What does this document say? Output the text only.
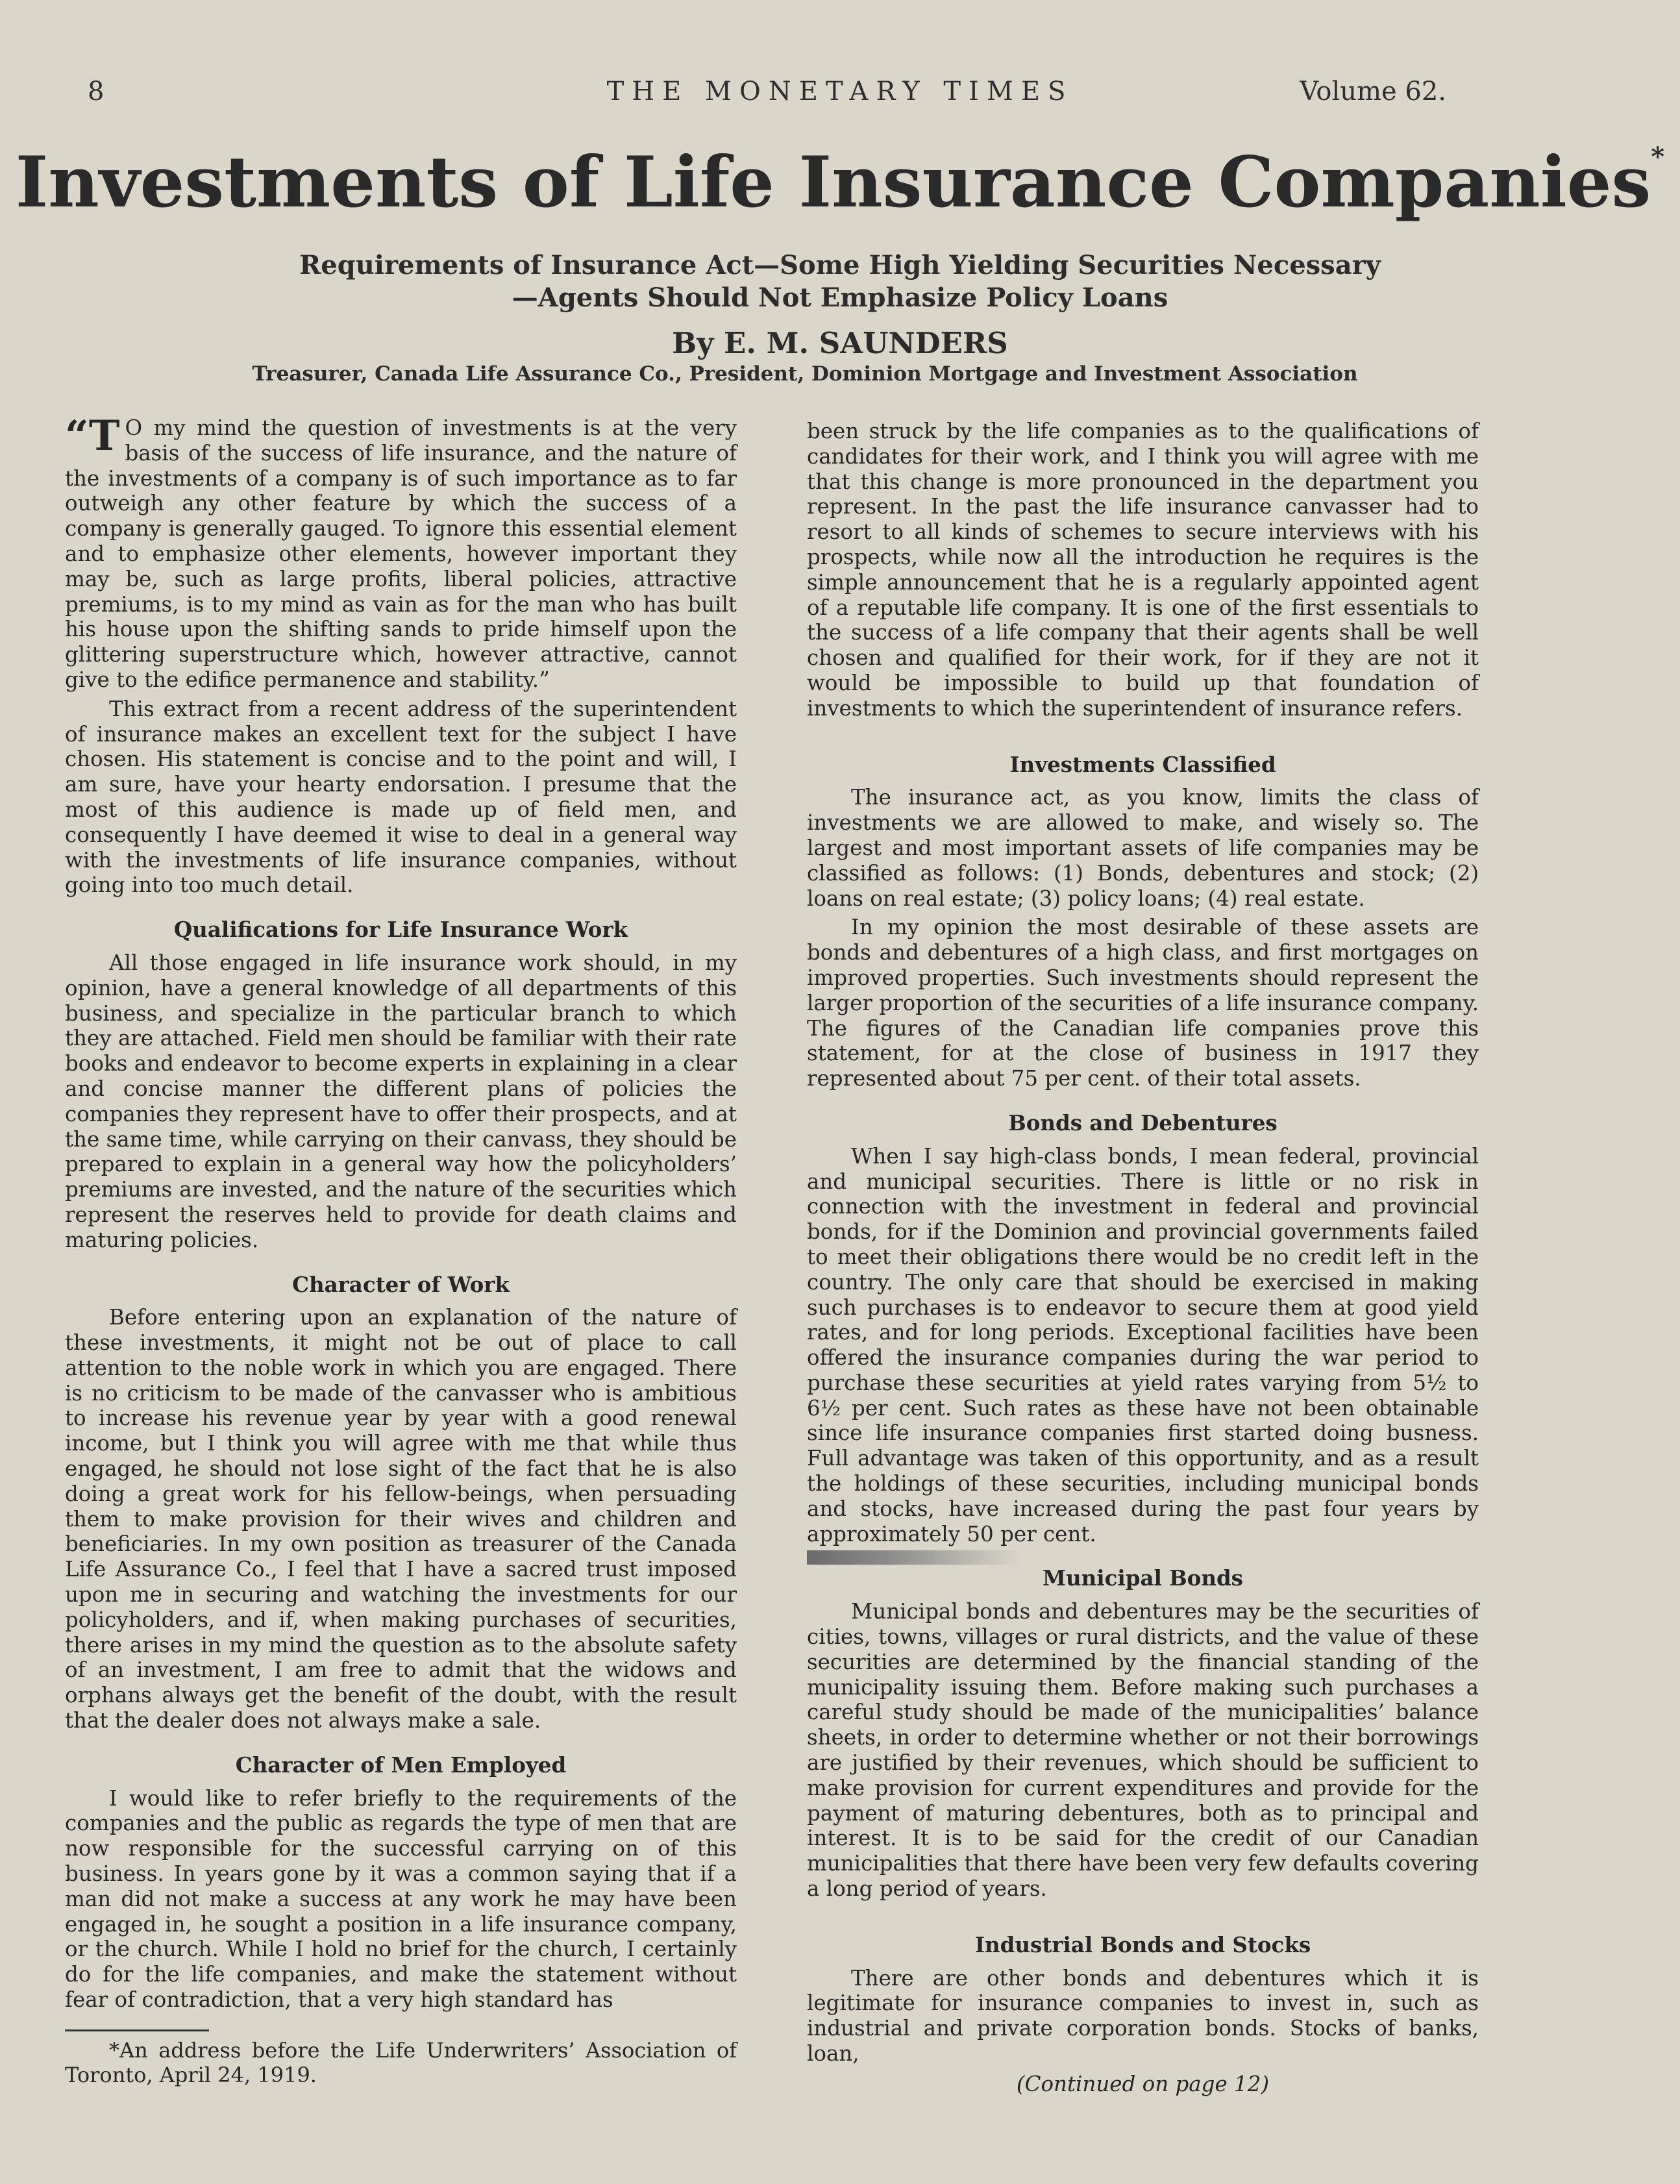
8	THE MONETARY TIMES	Volume 62.
Investments of Life Insurance Companies*
Requirements of Insurance Act—Some High Yielding Securities Necessary
—Agents Should Not Emphasize Policy Loans
By E. M. SAUNDERS
Treasurer, Canada Life Assurance Co., President, Dominion Mortgage and Investment Association

“T O my mind the question of investments is at the very basis of the success of life insurance, and the nature of the investments of a company is of such importance as to far outweigh any other feature by which the success of a company is generally gauged. To ignore this essential element and to emphasize other elements, however important they may be, such as large profits, liberal policies, attractive premiums, is to my mind as vain as for the man who has built his house upon the shifting sands to pride himself upon the glittering superstructure which, however attractive, cannot give to the edifice permanence and stability.”

This extract from a recent address of the superintendent of insurance makes an excellent text for the subject I have chosen. His statement is concise and to the point and will, I am sure, have your hearty endorsation. I presume that the most of this audience is made up of field men, and consequently I have deemed it wise to deal in a general way with the investments of life insurance companies, without going into too much detail.

Qualifications for Life Insurance Work

All those engaged in life insurance work should, in my opinion, have a general knowledge of all departments of this business, and specialize in the particular branch to which they are attached. Field men should be familiar with their rate books and endeavor to become experts in explaining in a clear and concise manner the different plans of policies the companies they represent have to offer their prospects, and at the same time, while carrying on their canvass, they should be prepared to explain in a general way how the policyholders’ premiums are invested, and the nature of the securities which represent the reserves held to provide for death claims and maturing policies.

Character of Work

Before entering upon an explanation of the nature of these investments, it might not be out of place to call attention to the noble work in which you are engaged. There is no criticism to be made of the canvasser who is ambitious to increase his revenue year by year with a good renewal income, but I think you will agree with me that while thus engaged, he should not lose sight of the fact that he is also doing a great work for his fellow-beings, when persuading them to make provision for their wives and children and beneficiaries. In my own position as treasurer of the Canada Life Assurance Co., I feel that I have a sacred trust imposed upon me in securing and watching the investments for our policyholders, and if, when making purchases of securities, there arises in my mind the question as to the absolute safety of an investment, I am free to admit that the widows and orphans always get the benefit of the doubt, with the result that the dealer does not always make a sale.

Character of Men Employed

I would like to refer briefly to the requirements of the companies and the public as regards the type of men that are now responsible for the successful carrying on of this business. In years gone by it was a common saying that if a man did not make a success at any work he may have been engaged in, he sought a position in a life insurance company, or the church. While I hold no brief for the church, I certainly do for the life companies, and make the statement without fear of contradiction, that a very high standard has

*An address before the Life Underwriters’ Association of Toronto, April 24, 1919.

been struck by the life companies as to the qualifications of candidates for their work, and I think you will agree with me that this change is more pronounced in the department you represent. In the past the life insurance canvasser had to resort to all kinds of schemes to secure interviews with his prospects, while now all the introduction he requires is the simple announcement that he is a regularly appointed agent of a reputable life company. It is one of the first essentials to the success of a life company that their agents shall be well chosen and qualified for their work, for if they are not it would be impossible to build up that foundation of investments to which the superintendent of insurance refers.

Investments Classified

The insurance act, as you know, limits the class of investments we are allowed to make, and wisely so. The largest and most important assets of life companies may be classified as follows: (1) Bonds, debentures and stock; (2) loans on real estate; (3) policy loans; (4) real estate.

In my opinion the most desirable of these assets are bonds and debentures of a high class, and first mortgages on improved properties. Such investments should represent the larger proportion of the securities of a life insurance company. The figures of the Canadian life companies prove this statement, for at the close of business in 1917 they represented about 75 per cent. of their total assets.

Bonds and Debentures

When I say high-class bonds, I mean federal, provincial and municipal securities. There is little or no risk in connection with the investment in federal and provincial bonds, for if the Dominion and provincial governments failed to meet their obligations there would be no credit left in the country. The only care that should be exercised in making such purchases is to endeavor to secure them at good yield rates, and for long periods. Exceptional facilities have been offered the insurance companies during the war period to purchase these securities at yield rates varying from 5½ to 6½ per cent. Such rates as these have not been obtainable since life insurance companies first started doing busness. Full advantage was taken of this opportunity, and as a result the holdings of these securities, including municipal bonds and stocks, have increased during the past four years by approximately 50 per cent.

Municipal Bonds

Municipal bonds and debentures may be the securities of cities, towns, villages or rural districts, and the value of these securities are determined by the financial standing of the municipality issuing them. Before making such purchases a careful study should be made of the municipalities’ balance sheets, in order to determine whether or not their borrowings are justified by their revenues, which should be sufficient to make provision for current expenditures and provide for the payment of maturing debentures, both as to principal and interest. It is to be said for the credit of our Canadian municipalities that there have been very few defaults covering a long period of years.

Industrial Bonds and Stocks

There are other bonds and debentures which it is legitimate for insurance companies to invest in, such as industrial and private corporation bonds. Stocks of banks, loan,

(Continued on page 12)
